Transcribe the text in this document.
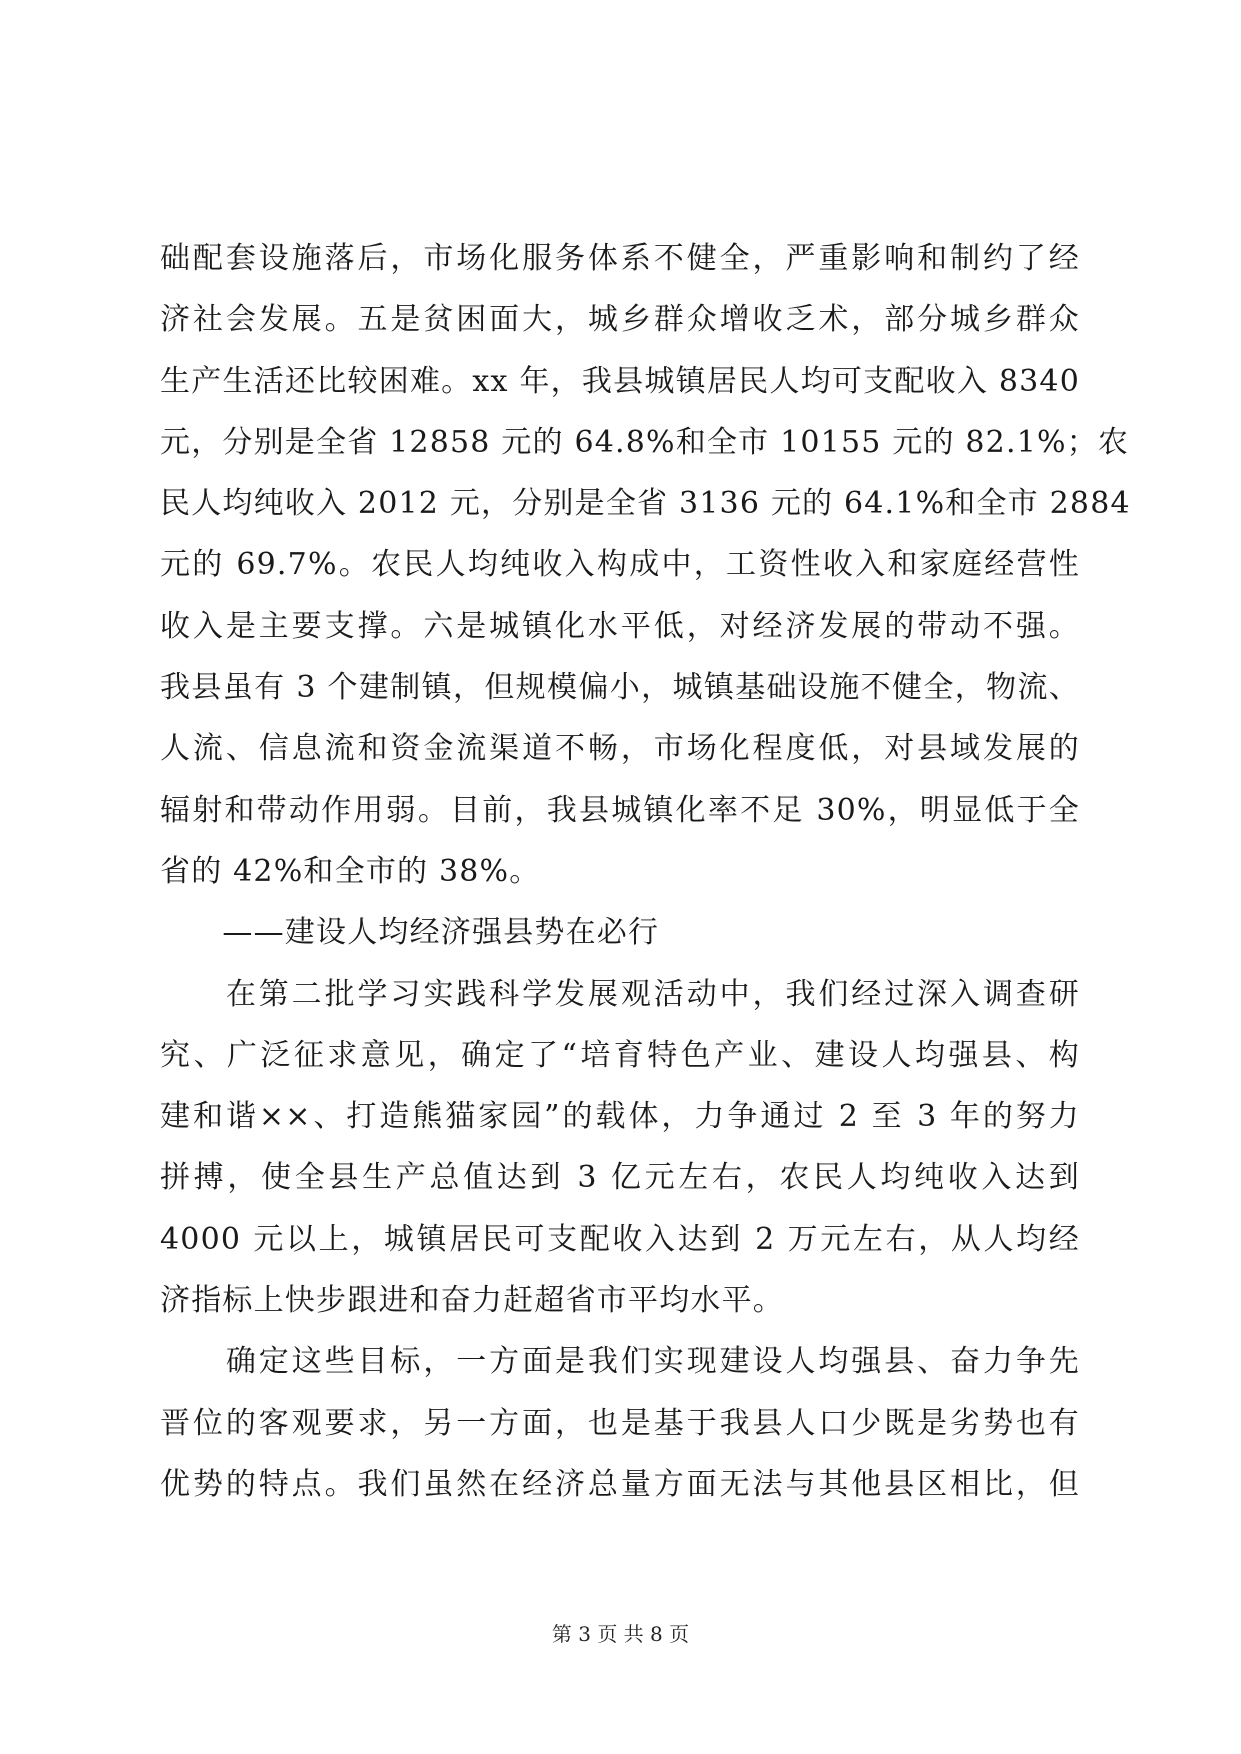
础配套设施落后，市场化服务体系不健全，严重影响和制约了经
济社会发展。五是贫困面大，城乡群众增收乏术，部分城乡群众
生产生活还比较困难。xx 年，我县城镇居民人均可支配收入 8340
元，分别是全省 12858 元的 64.8%和全市 10155 元的 82.1%；农
民人均纯收入 2012 元，分别是全省 3136 元的 64.1%和全市 2884
元的 69.7%。农民人均纯收入构成中，工资性收入和家庭经营性
收入是主要支撑。六是城镇化水平低，对经济发展的带动不强。
我县虽有 3 个建制镇，但规模偏小，城镇基础设施不健全，物流、
人流、信息流和资金流渠道不畅，市场化程度低，对县域发展的
辐射和带动作用弱。目前，我县城镇化率不足 30%，明显低于全
省的 42%和全市的 38%。
　　——建设人均经济强县势在必行
　　在第二批学习实践科学发展观活动中，我们经过深入调查研
究、广泛征求意见，确定了“培育特色产业、建设人均强县、构
建和谐××、打造熊猫家园”的载体，力争通过 2 至 3 年的努力
拼搏，使全县生产总值达到 3 亿元左右，农民人均纯收入达到
4000 元以上，城镇居民可支配收入达到 2 万元左右，从人均经
济指标上快步跟进和奋力赶超省市平均水平。
　　确定这些目标，一方面是我们实现建设人均强县、奋力争先
晋位的客观要求，另一方面，也是基于我县人口少既是劣势也有
优势的特点。我们虽然在经济总量方面无法与其他县区相比，但
第 3 页 共 8 页
